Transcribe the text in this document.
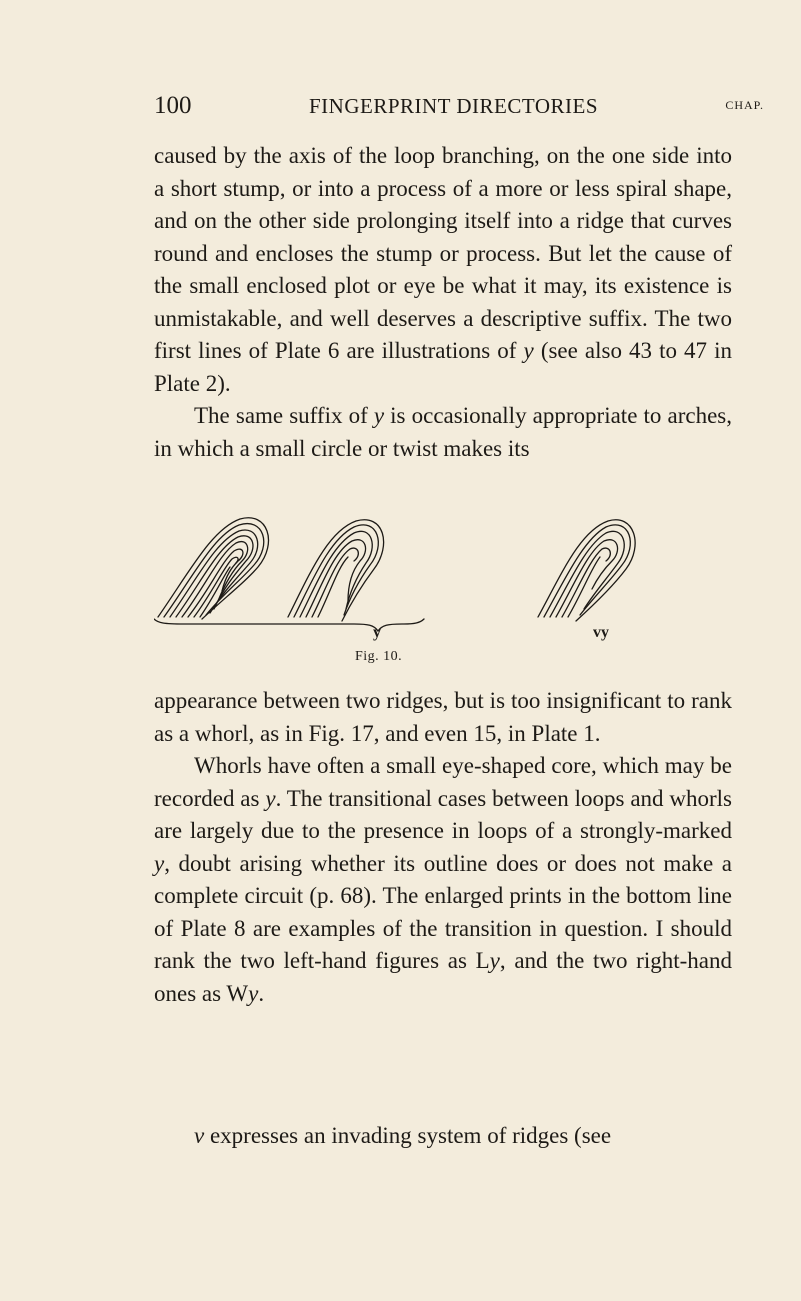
100	FINGERPRINT DIRECTORIES	CHAP.

caused by the axis of the loop branching, on the one side into a short stump, or into a process of a more or less spiral shape, and on the other side prolonging itself into a ridge that curves round and encloses the stump or process. But let the cause of the small enclosed plot or eye be what it may, its existence is unmistakable, and well deserves a descriptive suffix. The two first lines of Plate 6 are illustrations of y (see also 43 to 47 in Plate 2).

The same suffix of y is occasionally appropriate to arches, in which a small circle or twist makes its

y	vy
Fig. 10.

appearance between two ridges, but is too insignificant to rank as a whorl, as in Fig. 17, and even 15, in Plate 1.

Whorls have often a small eye-shaped core, which may be recorded as y. The transitional cases between loops and whorls are largely due to the presence in loops of a strongly-marked y, doubt arising whether its outline does or does not make a complete circuit (p. 68). The enlarged prints in the bottom line of Plate 8 are examples of the transition in question. I should rank the two left-hand figures as Ly, and the two right-hand ones as Wy.

v expresses an invading system of ridges (see
